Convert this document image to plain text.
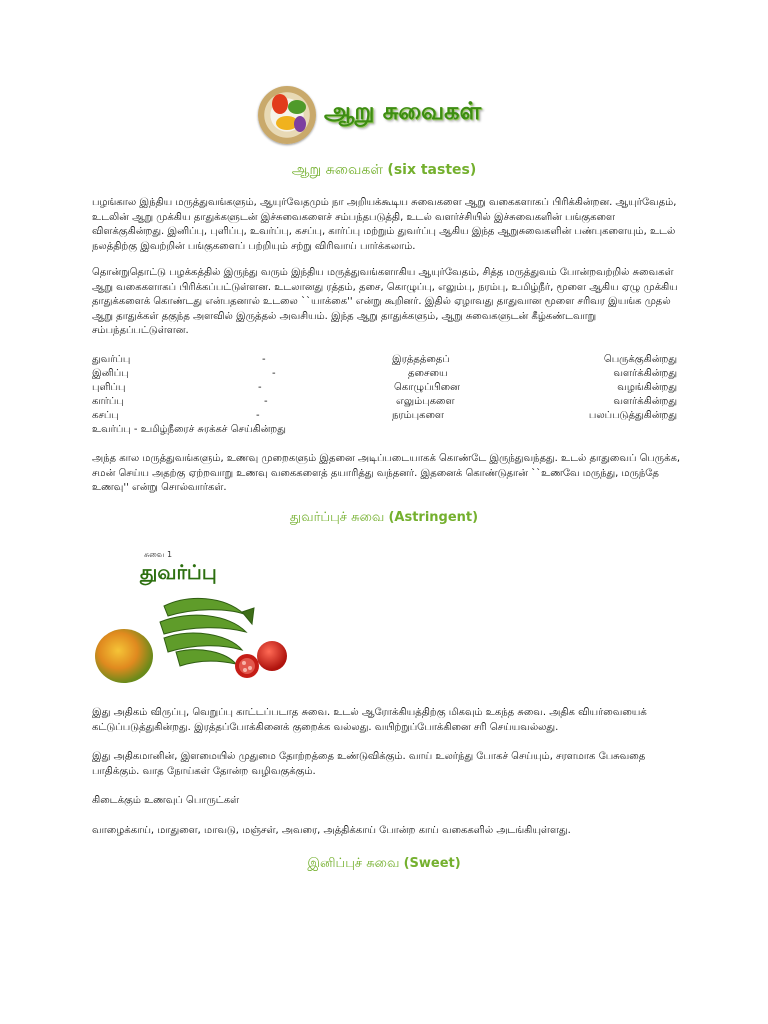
ஆறு சுவைகள்
ஆறு சுவைகள் (six tastes)

பழங்கால இந்திய மருத்துவங்களும், ஆயுர்வேதமும் நா அறியக்கூடிய சுவைகளை ஆறு வகைகளாகப் பிரிக்கின்றன. ஆயுர்வேதம், உடலின் ஆறு முக்கிய தாதுக்களுடன் இச்சுவைகளைச் சம்பந்தபடுத்தி, உடல் வளர்ச்சியில் இச்சுவைகளின் பங்குகளை விளக்குகின்றது. இனிப்பு, புளிப்பு, உவர்ப்பு, கசப்பு, கார்ப்பு மற்றும் துவர்ப்பு ஆகிய இந்த ஆறுசுவைகளின் பண்புகளையும், உடல் நலத்திற்கு இவற்றின் பங்குகளைப் பற்றியும் சற்று விரிவாய் பார்க்கலாம்.

தொன்றுதொட்டு பழக்கத்தில் இருந்து வரும் இந்திய மருத்துவங்களாகிய ஆயுர்வேதம், சித்த மருத்துவம் போன்றவற்றில் சுவைகள் ஆறு வகைகளாகப் பிரிக்கப்பட்டுள்ளன. உடலானது ரத்தம், தசை, கொழுப்பு, எலும்பு, நரம்பு, உமிழ்நீர், மூளை ஆகிய ஏழு முக்கிய தாதுக்களைக் கொண்டது என்பதனால் உடலை ``யாக்கை'' என்று கூறினர். இதில் ஏழாவது தாதுவான மூளை சரிவர இயங்க முதல் ஆறு தாதுக்கள் தகுந்த அளவில் இருத்தல் அவசியம். இந்த ஆறு தாதுக்களும், ஆறு சுவைகளுடன் கீழ்கண்டவாறு சம்பந்தப்பட்டுள்ளன.

துவர்ப்பு	-	இரத்தத்தைப்	பெருக்குகின்றது
இனிப்பு	-	தசையை	வளர்க்கின்றது
புளிப்பு	-	கொழுப்பினை	வழங்கின்றது
கார்ப்பு	-	எலும்புகளை	வளர்க்கின்றது
கசப்பு	-	நரம்புகளை	பலப்படுத்துகின்றது
உவர்ப்பு - உமிழ்நீரைச் சுரக்கச் செய்கின்றது

அந்த கால மருத்துவங்களும், உணவு முறைகளும் இதனை அடிப்படையாகக் கொண்டே இருந்துவந்தது. உடல் தாதுவைப் பெருக்க, சமன் செய்ய அதற்கு ஏற்றவாறு உணவு வகைகளைத் தயாரித்து வந்தனர். இதனைக் கொண்டுதான் ``உணவே மருந்து, மருந்தே உணவு'' என்று சொல்வார்கள்.

துவர்ப்புச் சுவை (Astringent)
சுவை 1
துவர்ப்பு

இது அதிகம் விருப்பு, வெறுப்பு காட்டப்படாத சுவை. உடல் ஆரோக்கியத்திற்கு மிகவும் உகந்த சுவை. அதிக வியர்வையைக் கட்டுப்படுத்துகின்றது. இரத்தப்போக்கினைக் குறைக்க வல்லது. வயிற்றுப்போக்கினை சரி செய்யவல்லது.

இது அதிகமானின், இளமையில் முதுமை தோற்றத்தை உண்டுவிக்கும். வாய் உலர்ந்து போகச் செய்யும், சரளமாக பேசுவதை பாதிக்கும். வாத நோய்கள் தோன்ற வழிவகுக்கும்.

கிடைக்கும் உணவுப் பொருட்கள்

வாழைக்காய், மாதுளை, மாவடு, மஞ்சள், அவரை, அத்திக்காய் போன்ற காய் வகைகளில் அடங்கியுள்ளது.

இனிப்புச் சுவை (Sweet)
